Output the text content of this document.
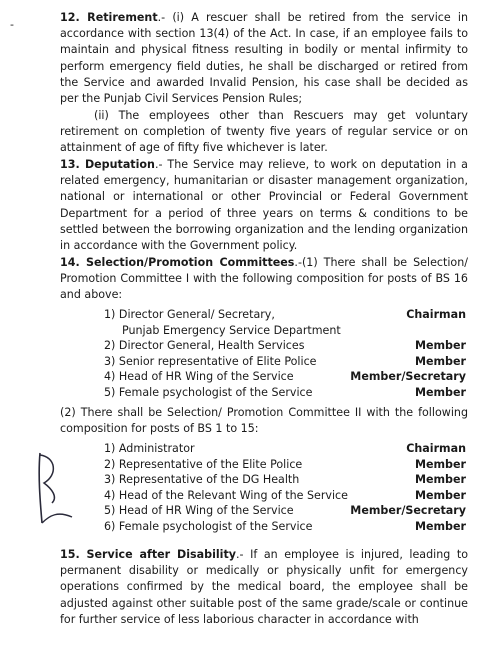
-

12. Retirement.- (i) A rescuer shall be retired from the service in accordance with section 13(4) of the Act. In case, if an employee fails to maintain and physical fitness resulting in bodily or mental infirmity to perform emergency field duties, he shall be discharged or retired from the Service and awarded Invalid Pension, his case shall be decided as per the Punjab Civil Services Pension Rules;

(ii) The employees other than Rescuers may get voluntary retirement on completion of twenty five years of regular service or on attainment of age of fifty five whichever is later.

13. Deputation.- The Service may relieve, to work on deputation in a related emergency, humanitarian or disaster management organization, national or international or other Provincial or Federal Government Department for a period of three years on terms & conditions to be settled between the borrowing organization and the lending organization in accordance with the Government policy.

14. Selection/Promotion Committees.-(1) There shall be Selection/ Promotion Committee I with the following composition for posts of BS 16 and above:

1) Director General/ Secretary,	Chairman
Punjab Emergency Service Department
2) Director General, Health Services	Member
3) Senior representative of Elite Police	Member
4) Head of HR Wing of the Service	Member/Secretary
5) Female psychologist of the Service	Member

(2) There shall be Selection/ Promotion Committee II with the following composition for posts of BS 1 to 15:

1) Administrator	Chairman
2) Representative of the Elite Police	Member
3) Representative of the DG Health	Member
4) Head of the Relevant Wing of the Service	Member
5) Head of HR Wing of the Service	Member/Secretary
6) Female psychologist of the Service	Member

15. Service after Disability.- If an employee is injured, leading to permanent disability or medically or physically unfit for emergency operations confirmed by the medical board, the employee shall be adjusted against other suitable post of the same grade/scale or continue for further service of less laborious character in accordance with
